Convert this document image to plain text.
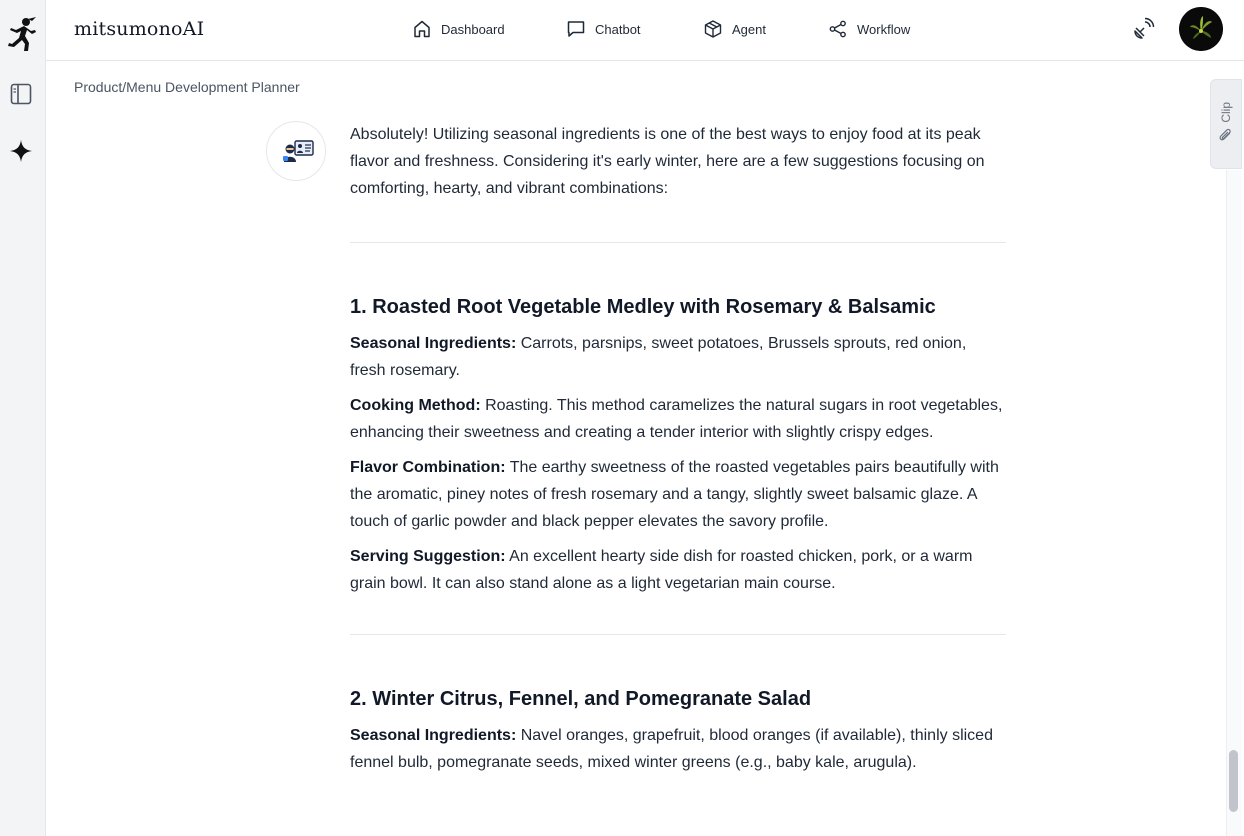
mitsumonoAI	Dashboard	Chatbot	Agent	Workflow
Product/Menu Development Planner

Absolutely! Utilizing seasonal ingredients is one of the best ways to enjoy food at its peak flavor and freshness. Considering it's early winter, here are a few suggestions focusing on comforting, hearty, and vibrant combinations:

1. Roasted Root Vegetable Medley with Rosemary & Balsamic

Seasonal Ingredients: Carrots, parsnips, sweet potatoes, Brussels sprouts, red onion, fresh rosemary.

Cooking Method: Roasting. This method caramelizes the natural sugars in root vegetables, enhancing their sweetness and creating a tender interior with slightly crispy edges.

Flavor Combination: The earthy sweetness of the roasted vegetables pairs beautifully with the aromatic, piney notes of fresh rosemary and a tangy, slightly sweet balsamic glaze. A touch of garlic powder and black pepper elevates the savory profile.

Serving Suggestion: An excellent hearty side dish for roasted chicken, pork, or a warm grain bowl. It can also stand alone as a light vegetarian main course.

2. Winter Citrus, Fennel, and Pomegranate Salad

Seasonal Ingredients: Navel oranges, grapefruit, blood oranges (if available), thinly sliced fennel bulb, pomegranate seeds, mixed winter greens (e.g., baby kale, arugula).

Clip
